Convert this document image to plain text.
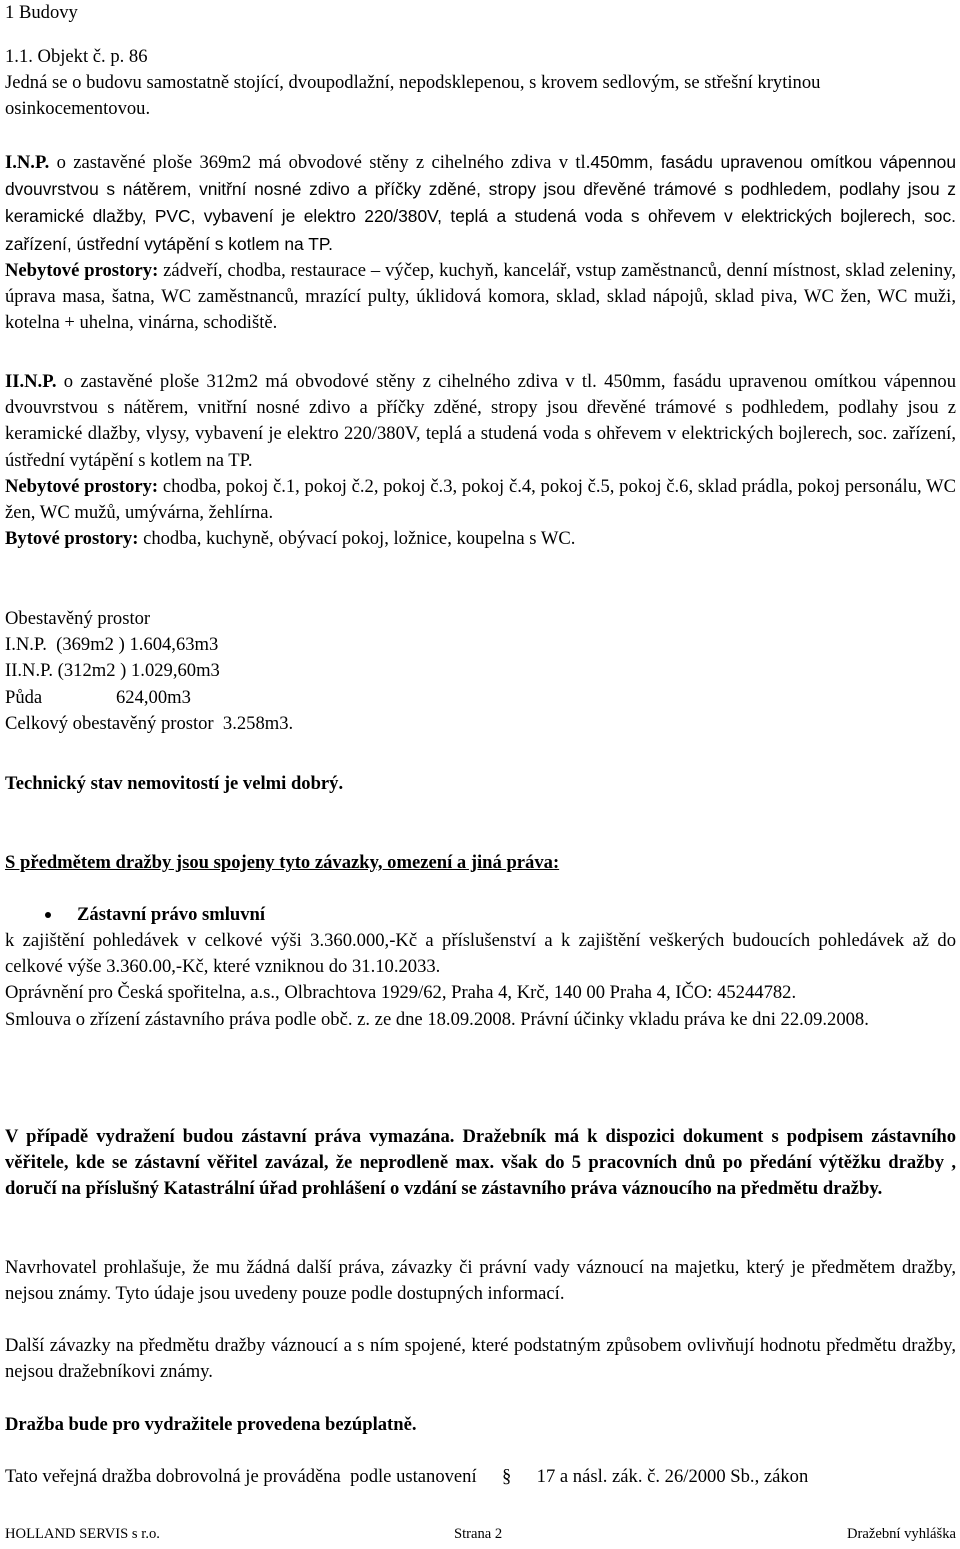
1 Budovy
1.1. Objekt č. p. 86
Jedná se o budovu samostatně stojící, dvoupodlažní, nepodsklepenou, s krovem sedlovým, se střešní krytinou osinkocementovou.
I.N.P. o zastavěné ploše 369m2 má obvodové stěny z cihelného zdiva v tl.450mm, fasádu upravenou omítkou vápennou dvouvrstvou s nátěrem, vnitřní nosné zdivo a příčky zděné, stropy jsou dřevěné trámové s podhledem, podlahy jsou z keramické dlažby, PVC, vybavení je elektro 220/380V, teplá a studená voda s ohřevem v elektrických bojlerech, soc. zařízení, ústřední vytápění s kotlem na TP.
Nebytové prostory: zádveří, chodba, restaurace – výčep, kuchyň, kancelář, vstup zaměstnanců, denní místnost, sklad zeleniny, úprava masa, šatna, WC zaměstnanců, mrazící pulty, úklidová komora, sklad, sklad nápojů, sklad piva, WC žen, WC muži, kotelna + uhelna, vinárna, schodiště.
II.N.P. o zastavěné ploše 312m2 má obvodové stěny z cihelného zdiva v tl. 450mm, fasádu upravenou omítkou vápennou dvouvrstvou s nátěrem, vnitřní nosné zdivo a příčky zděné, stropy jsou dřevěné trámové s podhledem, podlahy jsou z keramické dlažby, vlysy, vybavení je elektro 220/380V, teplá a studená voda s ohřevem v elektrických bojlerech, soc. zařízení, ústřední vytápění s kotlem na TP.
Nebytové prostory: chodba, pokoj č.1, pokoj č.2, pokoj č.3, pokoj č.4, pokoj č.5, pokoj č.6, sklad prádla, pokoj personálu, WC žen, WC mužů, umývárna, žehlírna.
Bytové prostory: chodba, kuchyně, obývací pokoj, ložnice, koupelna s WC.
Obestavěný prostor
I.N.P.  (369m2 ) 1.604,63m3
II.N.P. (312m2 ) 1.029,60m3
Půda	624,00m3
Celkový obestavěný prostor  3.258m3.
Technický stav nemovitostí je velmi dobrý.
S předmětem dražby jsou spojeny tyto závazky, omezení a jiná práva:
Zástavní právo smluvní
k zajištění pohledávek v celkové výši 3.360.000,-Kč a příslušenství a k zajištění veškerých budoucích pohledávek až do celkové výše 3.360.00,-Kč, které vzniknou do 31.10.2033.
Oprávnění pro Česká spořitelna, a.s., Olbrachtova 1929/62, Praha 4, Krč, 140 00 Praha 4, IČO: 45244782.
Smlouva o zřízení zástavního práva podle obč. z. ze dne 18.09.2008. Právní účinky vkladu práva ke dni 22.09.2008.
V případě vydražení budou zástavní práva vymazána. Dražebník má k dispozici dokument s podpisem zástavního věřitele, kde se zástavní věřitel zavázal, že neprodleně max. však do 5 pracovních dnů po předání výtěžku dražby , doručí na příslušný Katastrální úřad prohlášení o vzdání se zástavního práva váznoucího na předmětu dražby.
Navrhovatel prohlašuje, že mu žádná další práva, závazky či právní vady váznoucí na majetku, který je předmětem dražby, nejsou známy. Tyto údaje jsou uvedeny pouze podle dostupných informací.
Další závazky na předmětu dražby váznoucí a s ním spojené, které podstatným způsobem ovlivňují hodnotu předmětu dražby, nejsou dražebníkovi známy.
Dražba bude pro vydražitele provedena bezúplatně.
Tato veřejná dražba dobrovolná je prováděna  podle ustanovení § 17 a násl. zák. č. 26/2000 Sb., zákon
HOLLAND SERVIS s r.o.	Strana 2	Dražební vyhláška
